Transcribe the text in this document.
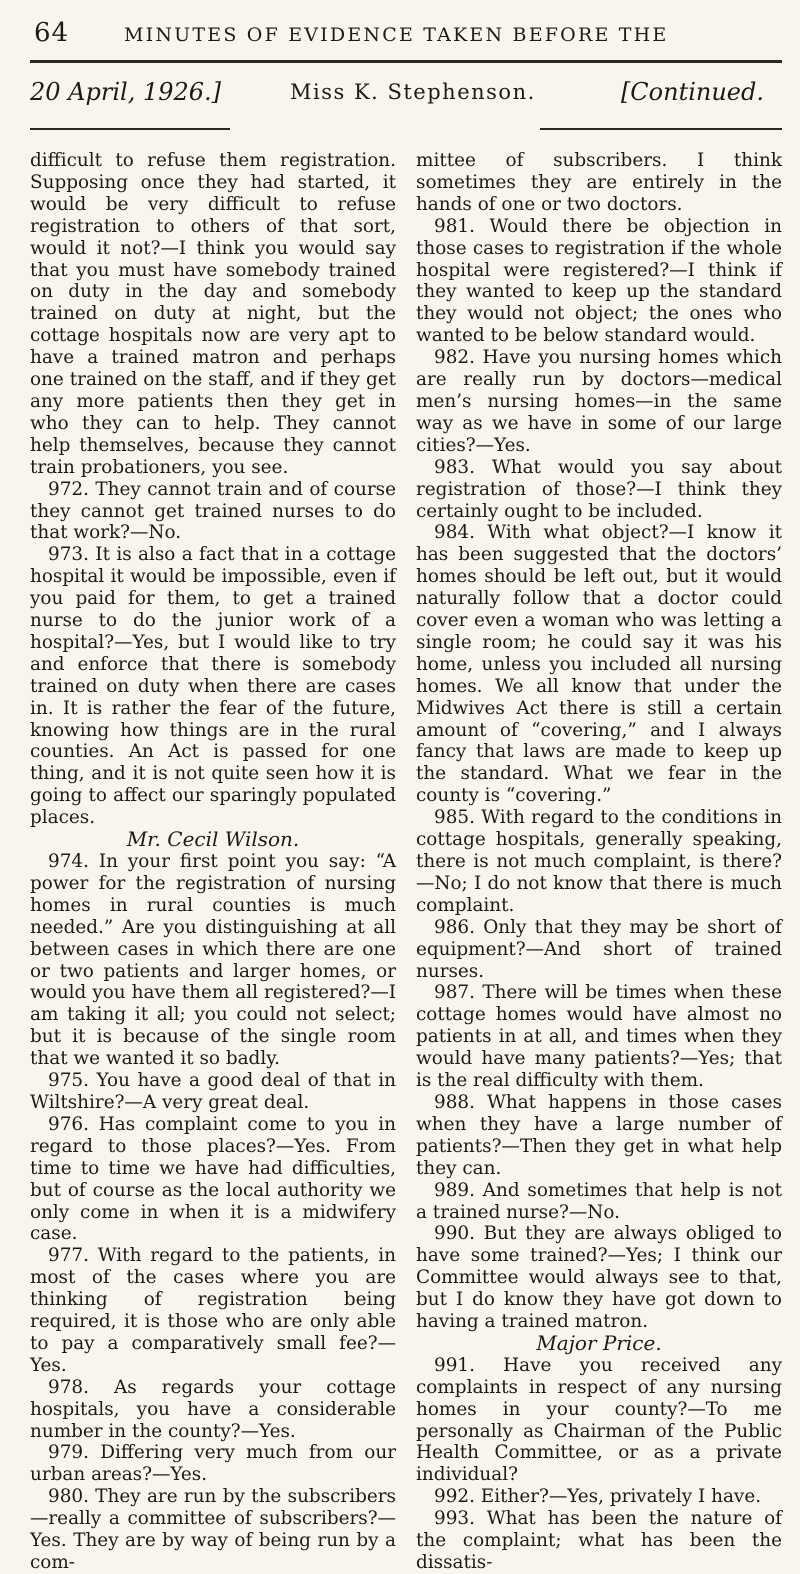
64	MINUTES OF EVIDENCE TAKEN BEFORE THE
20 April, 1926.]	Miss K. Stephenson.	[Continued.

difficult to refuse them registration. Supposing once they had started, it would be very difficult to refuse registration to others of that sort, would it not?—I think you would say that you must have somebody trained on duty in the day and somebody trained on duty at night, but the cottage hospitals now are very apt to have a trained matron and perhaps one trained on the staff, and if they get any more patients then they get in who they can to help. They cannot help themselves, because they cannot train probationers, you see.

972. They cannot train and of course they cannot get trained nurses to do that work?—No.

973. It is also a fact that in a cottage hospital it would be impossible, even if you paid for them, to get a trained nurse to do the junior work of a hospital?—Yes, but I would like to try and enforce that there is somebody trained on duty when there are cases in. It is rather the fear of the future, knowing how things are in the rural counties. An Act is passed for one thing, and it is not quite seen how it is going to affect our sparingly populated places.

Mr. Cecil Wilson.

974. In your first point you say: “A power for the registration of nursing homes in rural counties is much needed.” Are you distinguishing at all between cases in which there are one or two patients and larger homes, or would you have them all registered?—I am taking it all; you could not select; but it is because of the single room that we wanted it so badly.

975. You have a good deal of that in Wiltshire?—A very great deal.

976. Has complaint come to you in regard to those places?—Yes. From time to time we have had difficulties, but of course as the local authority we only come in when it is a midwifery case.

977. With regard to the patients, in most of the cases where you are thinking of registration being required, it is those who are only able to pay a comparatively small fee?—Yes.

978. As regards your cottage hospitals, you have a considerable number in the county?—Yes.

979. Differing very much from our urban areas?—Yes.

980. They are run by the subscribers—really a committee of subscribers?—Yes. They are by way of being run by a com-

mittee of subscribers. I think sometimes they are entirely in the hands of one or two doctors.

981. Would there be objection in those cases to registration if the whole hospital were registered?—I think if they wanted to keep up the standard they would not object; the ones who wanted to be below standard would.

982. Have you nursing homes which are really run by doctors—medical men’s nursing homes—in the same way as we have in some of our large cities?—Yes.

983. What would you say about registration of those?—I think they certainly ought to be included.

984. With what object?—I know it has been suggested that the doctors’ homes should be left out, but it would naturally follow that a doctor could cover even a woman who was letting a single room; he could say it was his home, unless you included all nursing homes. We all know that under the Midwives Act there is still a certain amount of “covering,” and I always fancy that laws are made to keep up the standard. What we fear in the county is “covering.”

985. With regard to the conditions in cottage hospitals, generally speaking, there is not much complaint, is there?—No; I do not know that there is much complaint.

986. Only that they may be short of equipment?—And short of trained nurses.

987. There will be times when these cottage homes would have almost no patients in at all, and times when they would have many patients?—Yes; that is the real difficulty with them.

988. What happens in those cases when they have a large number of patients?—Then they get in what help they can.

989. And sometimes that help is not a trained nurse?—No.

990. But they are always obliged to have some trained?—Yes; I think our Committee would always see to that, but I do know they have got down to having a trained matron.

Major Price.

991. Have you received any complaints in respect of any nursing homes in your county?—To me personally as Chairman of the Public Health Committee, or as a private individual?

992. Either?—Yes, privately I have.

993. What has been the nature of the complaint; what has been the dissatis-
